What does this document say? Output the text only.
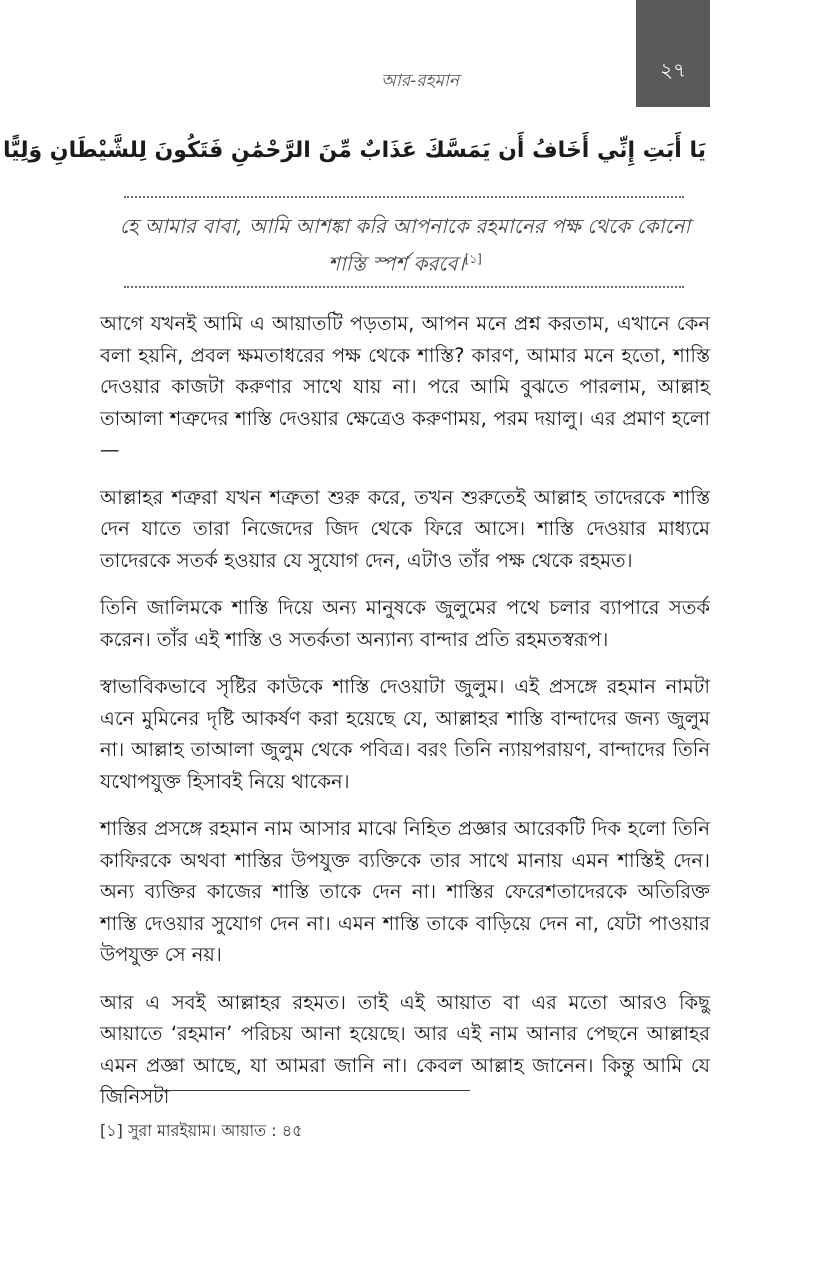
২৭
আর-রহমান
يَا أَبَتِ إِنِّي أَخَافُ أَن يَمَسَّكَ عَذَابٌ مِّنَ الرَّحْمَٰنِ فَتَكُونَ لِلشَّيْطَانِ وَلِيًّا
হে আমার বাবা, আমি আশঙ্কা করি আপনাকে রহমানের পক্ষ থেকে কোনো শাস্তি স্পর্শ করবে।[১]

আগে যখনই আমি এ আয়াতটি পড়তাম, আপন মনে প্রশ্ন করতাম, এখানে কেন বলা হয়নি, প্রবল ক্ষমতাধরের পক্ষ থেকে শাস্তি? কারণ, আমার মনে হতো, শাস্তি দেওয়ার কাজটা করুণার সাথে যায় না। পরে আমি বুঝতে পারলাম, আল্লাহ তাআলা শত্রুদের শাস্তি দেওয়ার ক্ষেত্রেও করুণাময়, পরম দয়ালু। এর প্রমাণ হলো—

আল্লাহর শত্রুরা যখন শত্রুতা শুরু করে, তখন শুরুতেই আল্লাহ তাদেরকে শাস্তি দেন যাতে তারা নিজেদের জিদ থেকে ফিরে আসে। শাস্তি দেওয়ার মাধ্যমে তাদেরকে সতর্ক হওয়ার যে সুযোগ দেন, এটাও তাঁর পক্ষ থেকে রহমত।

তিনি জালিমকে শাস্তি দিয়ে অন্য মানুষকে জুলুমের পথে চলার ব্যাপারে সতর্ক করেন। তাঁর এই শাস্তি ও সতর্কতা অন্যান্য বান্দার প্রতি রহমতস্বরূপ।

স্বাভাবিকভাবে সৃষ্টির কাউকে শাস্তি দেওয়াটা জুলুম। এই প্রসঙ্গে রহমান নামটা এনে মুমিনের দৃষ্টি আকর্ষণ করা হয়েছে যে, আল্লাহর শাস্তি বান্দাদের জন্য জুলুম না। আল্লাহ তাআলা জুলুম থেকে পবিত্র। বরং তিনি ন্যায়পরায়ণ, বান্দাদের তিনি যথোপযুক্ত হিসাবই নিয়ে থাকেন।

শাস্তির প্রসঙ্গে রহমান নাম আসার মাঝে নিহিত প্রজ্ঞার আরেকটি দিক হলো তিনি কাফিরকে অথবা শাস্তির উপযুক্ত ব্যক্তিকে তার সাথে মানায় এমন শাস্তিই দেন। অন্য ব্যক্তির কাজের শাস্তি তাকে দেন না। শাস্তির ফেরেশতাদেরকে অতিরিক্ত শাস্তি দেওয়ার সুযোগ দেন না। এমন শাস্তি তাকে বাড়িয়ে দেন না, যেটা পাওয়ার উপযুক্ত সে নয়।

আর এ সবই আল্লাহর রহমত। তাই এই আয়াত বা এর মতো আরও কিছু আয়াতে ‘রহমান’ পরিচয় আনা হয়েছে। আর এই নাম আনার পেছনে আল্লাহর এমন প্রজ্ঞা আছে, যা আমরা জানি না। কেবল আল্লাহ জানেন। কিন্তু আমি যে জিনিসটা

[১] সুরা মারইয়াম। আয়াত : ৪৫
